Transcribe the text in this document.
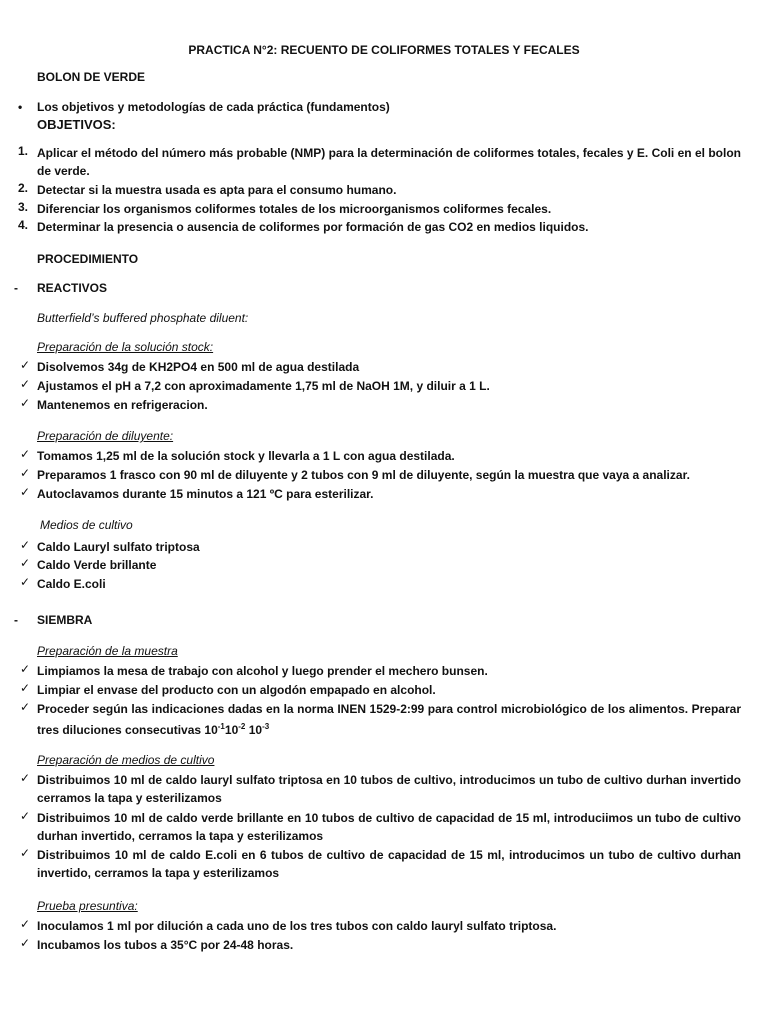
PRACTICA N°2: RECUENTO DE COLIFORMES TOTALES Y FECALES
BOLON DE VERDE
• Los objetivos y metodologías de cada práctica (fundamentos)
OBJETIVOS:
1. Aplicar el método del número más probable (NMP) para la determinación de coliformes totales, fecales y E. Coli en el bolon de verde.
2. Detectar si la muestra usada es apta para el consumo humano.
3. Diferenciar los organismos coliformes totales de los microorganismos coliformes fecales.
4. Determinar la presencia o ausencia de coliformes por formación de gas CO2 en medios liquidos.
PROCEDIMIENTO
- REACTIVOS
Butterfield’s buffered phosphate diluent:
Preparación de la solución stock:
✓ Disolvemos 34g de KH2PO4 en 500 ml de agua destilada
✓ Ajustamos el pH a 7,2 con aproximadamente 1,75 ml de NaOH 1M, y diluir a 1 L.
✓ Mantenemos en refrigeracion.
Preparación de diluyente:
✓ Tomamos 1,25 ml de la solución stock y llevarla a 1 L con agua destilada.
✓ Preparamos 1 frasco con 90 ml de diluyente y 2 tubos con 9 ml de diluyente, según la muestra que vaya a analizar.
✓ Autoclavamos durante 15 minutos a 121 ºC para esterilizar.
Medios de cultivo
✓ Caldo Lauryl sulfato triptosa
✓ Caldo Verde brillante
✓ Caldo E.coli
- SIEMBRA
Preparación de la muestra
✓ Limpiamos la mesa de trabajo con alcohol y luego prender el mechero bunsen.
✓ Limpiar el envase del producto con un algodón empapado en alcohol.
✓ Proceder según las indicaciones dadas en la norma INEN 1529-2:99 para control microbiológico de los alimentos. Preparar tres diluciones consecutivas $10^{-1}10^{-2}$ $10^{-3}$
Preparación de medios de cultivo
✓ Distribuimos 10 ml de caldo lauryl sulfato triptosa en 10 tubos de cultivo, introducimos un tubo de cultivo durhan invertido cerramos la tapa y esterilizamos
✓ Distribuimos 10 ml de caldo verde brillante en 10 tubos de cultivo de capacidad de 15 ml, introduciimos un tubo de cultivo durhan invertido, cerramos la tapa y esterilizamos
✓ Distribuimos 10 ml de caldo E.coli en 6 tubos de cultivo de capacidad de 15 ml, introducimos un tubo de cultivo durhan invertido, cerramos la tapa y esterilizamos
Prueba presuntiva:
✓ Inoculamos 1 ml por dilución a cada uno de los tres tubos con caldo lauryl sulfato triptosa.
✓ Incubamos los tubos a 35°C por 24-48 horas.
